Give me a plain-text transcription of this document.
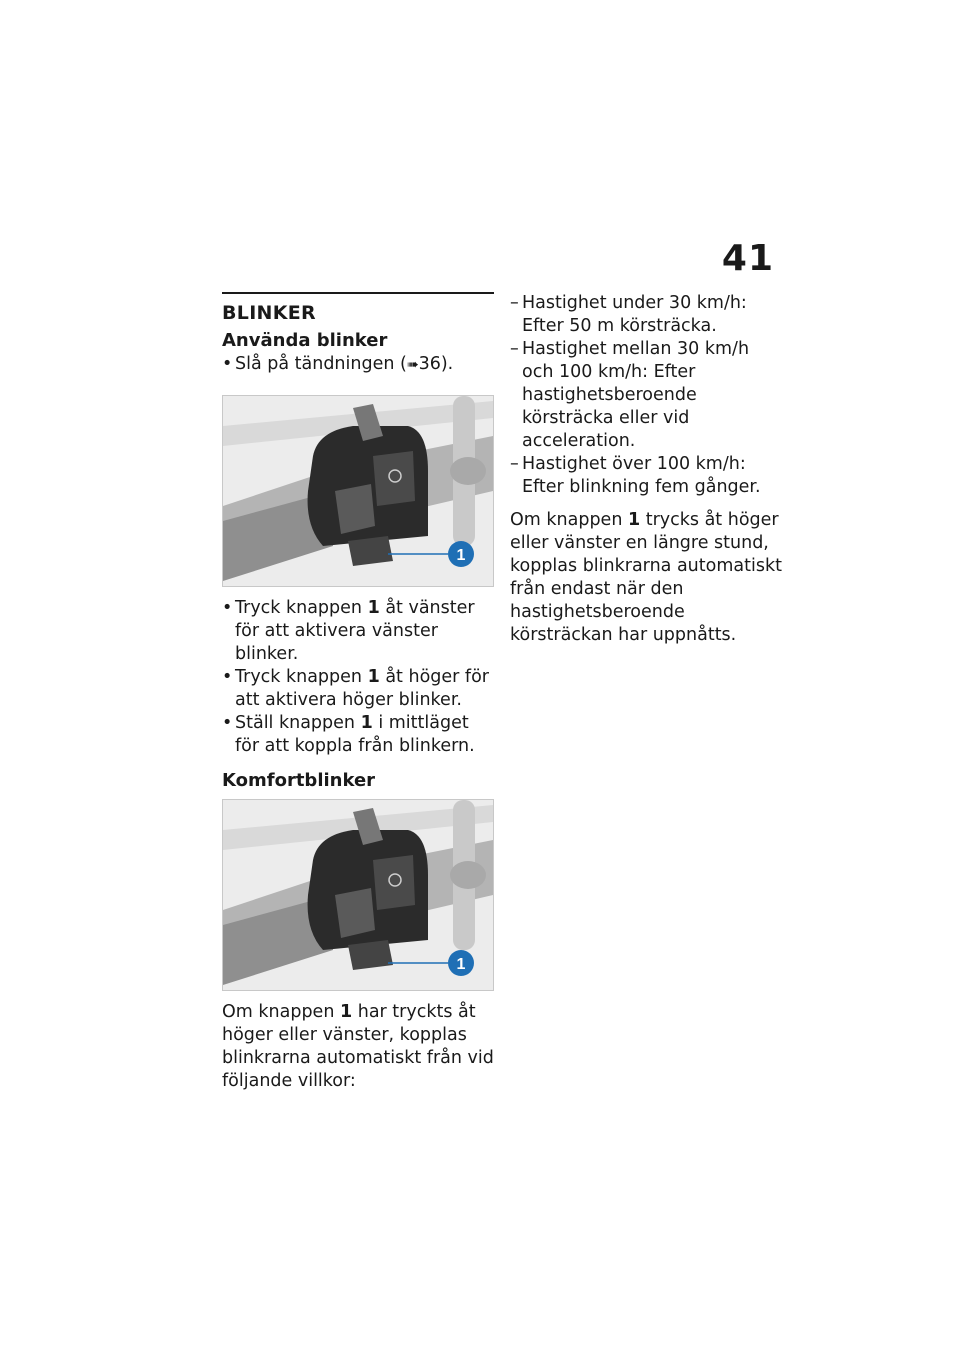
41
BLINKER
Använda blinker
• Slå på tändningen (➠36).
1
• Tryck knappen 1 åt vänster för att aktivera vänster blinker.
• Tryck knappen 1 åt höger för att aktivera höger blinker.
• Ställ knappen 1 i mittläget för att koppla från blinkern.
Komfortblinker
1

Om knappen 1 har tryckts åt höger eller vänster, kopplas blinkrarna automatiskt från vid följande villkor:

– Hastighet under 30 km/h: Efter 50 m körsträcka.
– Hastighet mellan 30 km/h och 100 km/h: Efter hastighetsberoende körsträcka eller vid acceleration.
– Hastighet över 100 km/h: Efter blinkning fem gånger.

Om knappen 1 trycks åt höger eller vänster en längre stund, kopplas blinkrarna automatiskt från endast när den hastighetsberoende körsträckan har uppnåtts.
